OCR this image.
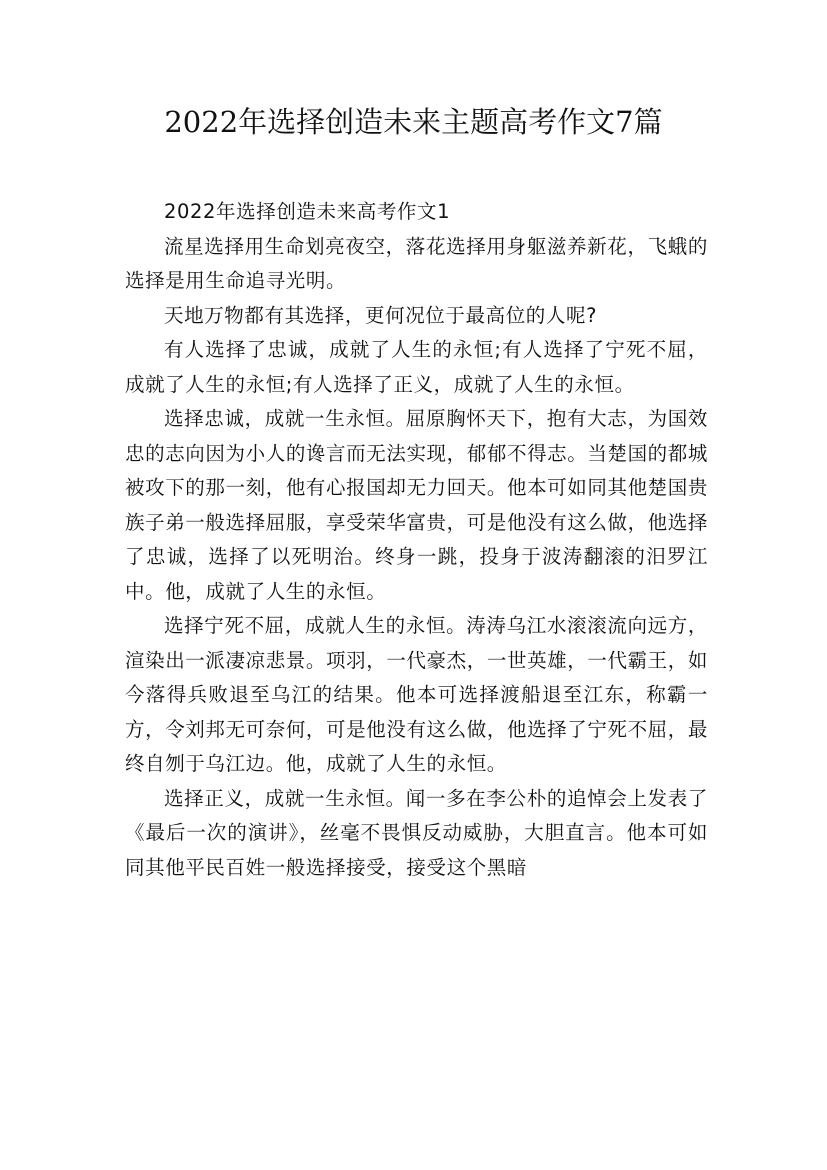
2022年选择创造未来主题高考作文7篇

2022年选择创造未来高考作文1

流星选择用生命划亮夜空，落花选择用身躯滋养新花，飞蛾的选择是用生命追寻光明。

天地万物都有其选择，更何况位于最高位的人呢?

有人选择了忠诚，成就了人生的永恒;有人选择了宁死不屈，成就了人生的永恒;有人选择了正义，成就了人生的永恒。

选择忠诚，成就一生永恒。屈原胸怀天下，抱有大志，为国效忠的志向因为小人的谗言而无法实现，郁郁不得志。当楚国的都城被攻下的那一刻，他有心报国却无力回天。他本可如同其他楚国贵族子弟一般选择屈服，享受荣华富贵，可是他没有这么做，他选择了忠诚，选择了以死明治。终身一跳，投身于波涛翻滚的汨罗江中。他，成就了人生的永恒。

选择宁死不屈，成就人生的永恒。涛涛乌江水滚滚流向远方，渲染出一派凄凉悲景。项羽，一代豪杰，一世英雄，一代霸王，如今落得兵败退至乌江的结果。他本可选择渡船退至江东，称霸一方，令刘邦无可奈何，可是他没有这么做，他选择了宁死不屈，最终自刎于乌江边。他，成就了人生的永恒。

选择正义，成就一生永恒。闻一多在李公朴的追悼会上发表了《最后一次的演讲》，丝毫不畏惧反动威胁，大胆直言。他本可如同其他平民百姓一般选择接受，接受这个黑暗
